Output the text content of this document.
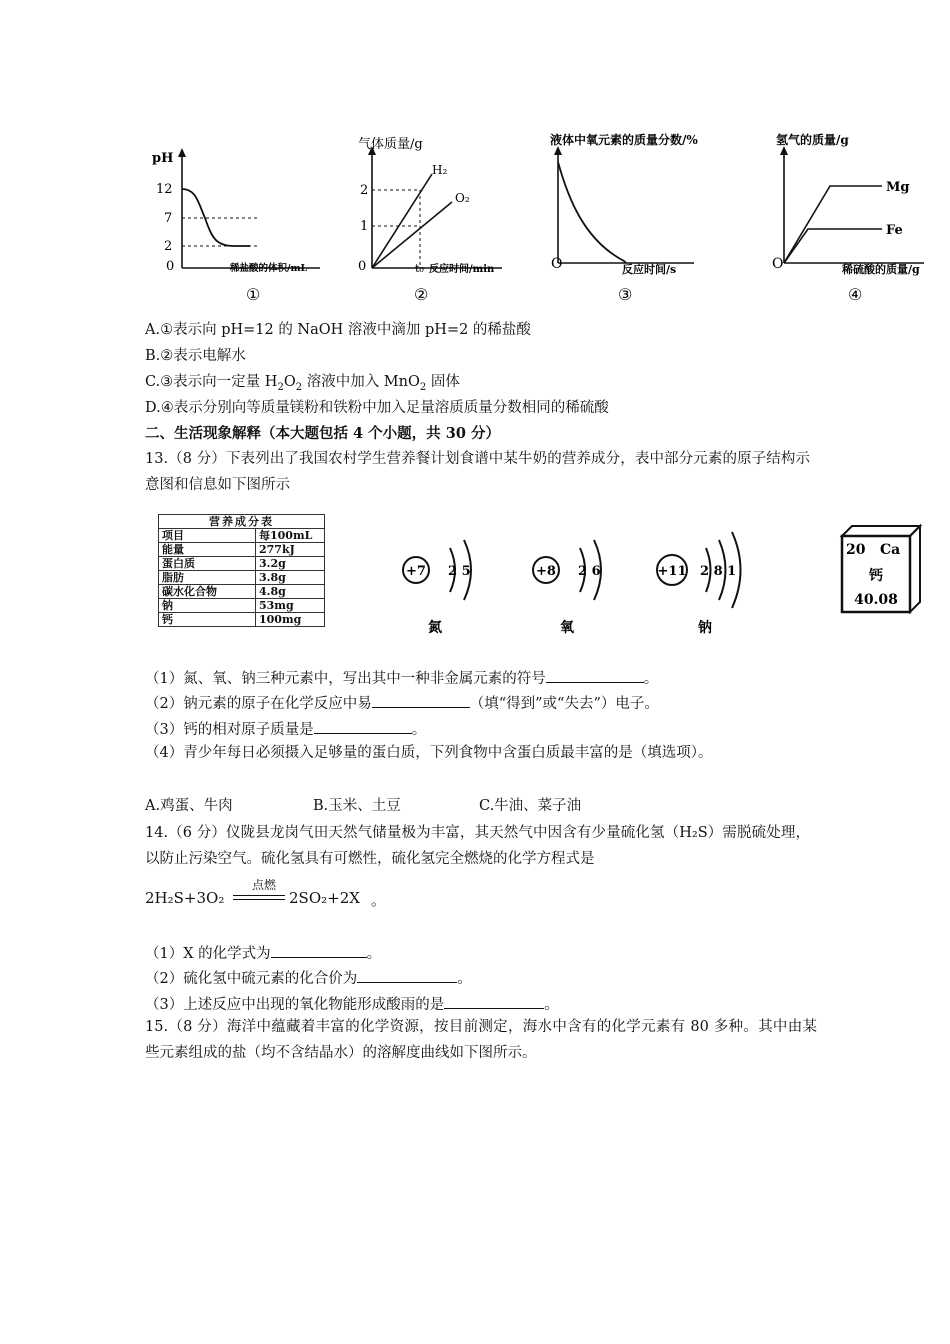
pH
12
7
2
0	稀盐酸的体积/mL
①
气体质量/g
2
1
0
H₂
O₂
t₀ 反应时间/min
②
液体中氧元素的质量分数/%
O	反应时间/s
③
氢气的质量/g
O
Mg
Fe
稀硫酸的质量/g
④
A.①表示向 pH=12 的 NaOH 溶液中滴加 pH=2 的稀盐酸
B.②表示电解水
C.③表示向一定量 $H_2O_2$ 溶液中加入 MnO$_2$ 固体
D.④表示分别向等质量镁粉和铁粉中加入足量溶质质量分数相同的稀硫酸
二、生活现象解释（本大题包括 4 个小题，共 30 分）
13.（8 分）下表列出了我国农村学生营养餐计划食谱中某牛奶的营养成分，表中部分元素的原子结构示意图和信息如下图所示
营养成分表	
项目	每100mL
能量	277kJ
蛋白质	3.2g
脂肪	3.8g
碳水化合物	4.8g
钠	53mg
钙	100mg
+7 2 5
氮
+8 2 6
氧
+11 2 8 1
钠
20 Ca
钙
40.08
（1）氮、氧、钠三种元素中，写出其中一种非金属元素的符号	。
（2）钠元素的原子在化学反应中易	（填“得到”或“失去”）电子。
（3）钙的相对原子质量是	。
（4）青少年每日必须摄入足够量的蛋白质，下列食物中含蛋白质最丰富的是（填选项）。
A.鸡蛋、牛肉	B.玉米、土豆	C.牛油、菜子油
14.（6 分）仪陇县龙岗气田天然气储量极为丰富，其天然气中因含有少量硫化氢（H₂S）需脱硫处理，以防止污染空气。硫化氢具有可燃性，硫化氢完全燃烧的化学方程式是
2H₂S+3O₂
点燃
2SO₂+2X 。
（1）X 的化学式为	。
（2）硫化氢中硫元素的化合价为	。
（3）上述反应中出现的氧化物能形成酸雨的是	。
15.（8 分）海洋中蕴藏着丰富的化学资源，按目前测定，海水中含有的化学元素有 80 多种。其中由某些元素组成的盐（均不含结晶水）的溶解度曲线如下图所示。
